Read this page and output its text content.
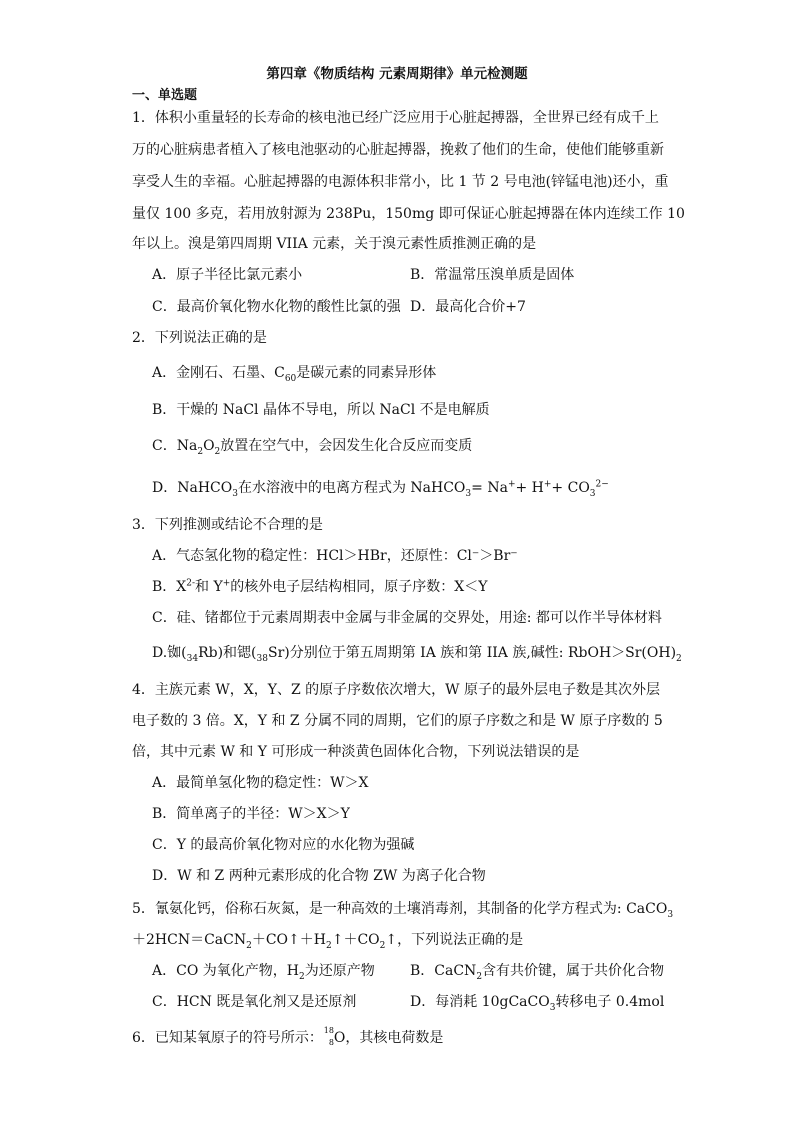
第四章《物质结构 元素周期律》单元检测题
一、单选题
1．体积小重量轻的长寿命的核电池已经广泛应用于心脏起搏器，全世界已经有成千上
万的心脏病患者植入了核电池驱动的心脏起搏器，挽救了他们的生命，使他们能够重新
享受人生的幸福。心脏起搏器的电源体积非常小，比 1 节 2 号电池(锌锰电池)还小，重
量仅 100 多克，若用放射源为 238Pu，150mg 即可保证心脏起搏器在体内连续工作 10
年以上。溴是第四周期 VIIA 元素，关于溴元素性质推测正确的是
A．原子半径比氯元素小	B．常温常压溴单质是固体
C．最高价氧化物水化物的酸性比氯的强 D．最高化合价+7
2．下列说法正确的是
A．金刚石、石墨、$C_{60}$是碳元素的同素异形体
B．干燥的 NaCl 晶体不导电，所以 NaCl 不是电解质
C．$Na_2O_2$放置在空气中，会因发生化合反应而变质
D．NaHCO$_3$在水溶液中的电离方程式为 NaHCO$_3$= $Na^++ H^++ CO_3^{2-}$
3．下列推测或结论不合理的是
A．气态氢化物的稳定性：HCl＞HBr，还原性：Cl⁻＞Br⁻
B．$X^{2-}$和 Y+的核外电子层结构相同，原子序数：X＜Y
C．硅、锗都位于元素周期表中金属与非金属的交界处，用途: 都可以作半导体材料
D.铷$(_{34}Rb)$和锶$(_{38}Sr)$分别位于第五周期第 IA 族和第 IIA 族,碱性: $RbOH>Sr(OH)_2$
4．主族元素 W，X，Y、Z 的原子序数依次增大，W 原子的最外层电子数是其次外层
电子数的 3 倍。X，Y 和 Z 分属不同的周期，它们的原子序数之和是 W 原子序数的 5
倍，其中元素 W 和 Y 可形成一种淡黄色固体化合物，下列说法错误的是
A．最简单氢化物的稳定性：W＞X
B．简单离子的半径：W＞X＞Y
C．Y 的最高价氧化物对应的水化物为强碱
D．W 和 Z 两种元素形成的化合物 ZW 为离子化合物
5．氰氨化钙，俗称石灰氮，是一种高效的土壤消毒剂，其制备的化学方程式为: CaCO$_3$
$+2HCN=CaCN_2+CO↑+H_2↑+CO_2↑$，下列说法正确的是
A．CO 为氧化产物，$H_2$为还原产物	B．CaCN$_2$含有共价键，属于共价化合物
C．HCN 既是氧化剂又是还原剂	D．每消耗 10gCaCO$_3$转移电子 0.4mol
6．已知某氧原子的符号所示： 18
8 O，其核电荷数是
